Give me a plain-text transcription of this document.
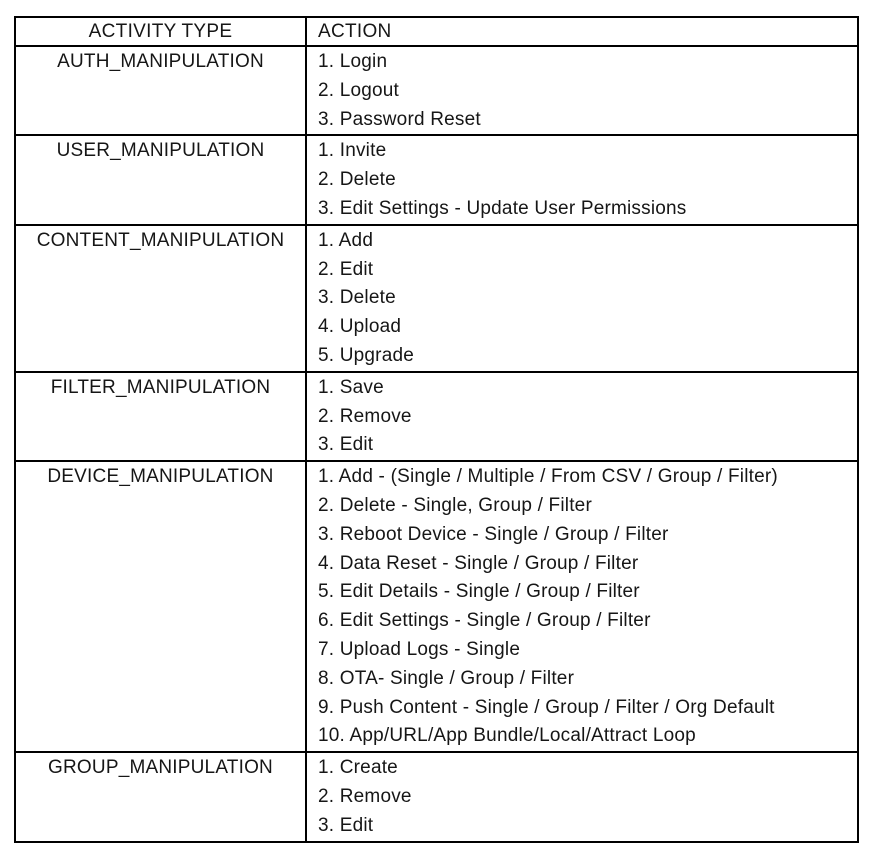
ACTIVITY TYPE	ACTION
AUTH_MANIPULATION	1. Login
2. Logout
3. Password Reset

USER_MANIPULATION	1. Invite
2. Delete
3. Edit Settings - Update User Permissions

CONTENT_MANIPULATION	1. Add
2. Edit
3. Delete
4. Upload
5. Upgrade

FILTER_MANIPULATION	1. Save
2. Remove
3. Edit

DEVICE_MANIPULATION	1. Add - (Single / Multiple / From CSV / Group / Filter)
2. Delete - Single, Group / Filter
3. Reboot Device - Single / Group / Filter
4. Data Reset - Single / Group / Filter
5. Edit Details - Single / Group / Filter
6. Edit Settings - Single / Group / Filter
7. Upload Logs - Single
8. OTA- Single / Group / Filter
9. Push Content - Single / Group / Filter / Org Default
10. App/URL/App Bundle/Local/Attract Loop

GROUP_MANIPULATION	1. Create
2. Remove
3. Edit
